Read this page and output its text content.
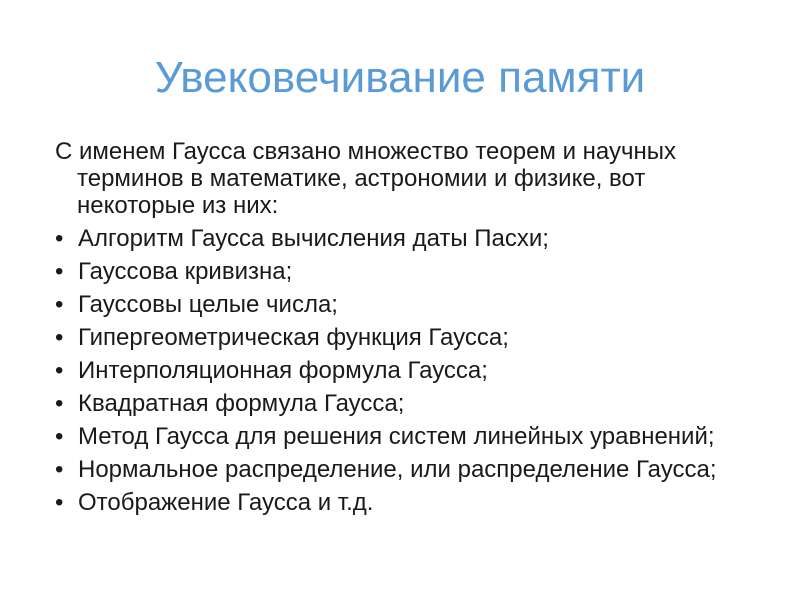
Увековечивание памяти

С именем Гаусса связано множество теорем и научных терминов в математике, астрономии и физике, вот некоторые из них:

• Алгоритм Гаусса вычисления даты Пасхи;
• Гауссова кривизна;
• Гауссовы целые числа;
• Гипергеометрическая функция Гаусса;
• Интерполяционная формула Гаусса;
• Квадратная формула Гаусса;
• Метод Гаусса для решения систем линейных уравнений;
• Нормальное распределение, или распределение Гаусса;
• Отображение Гаусса и т.д.
